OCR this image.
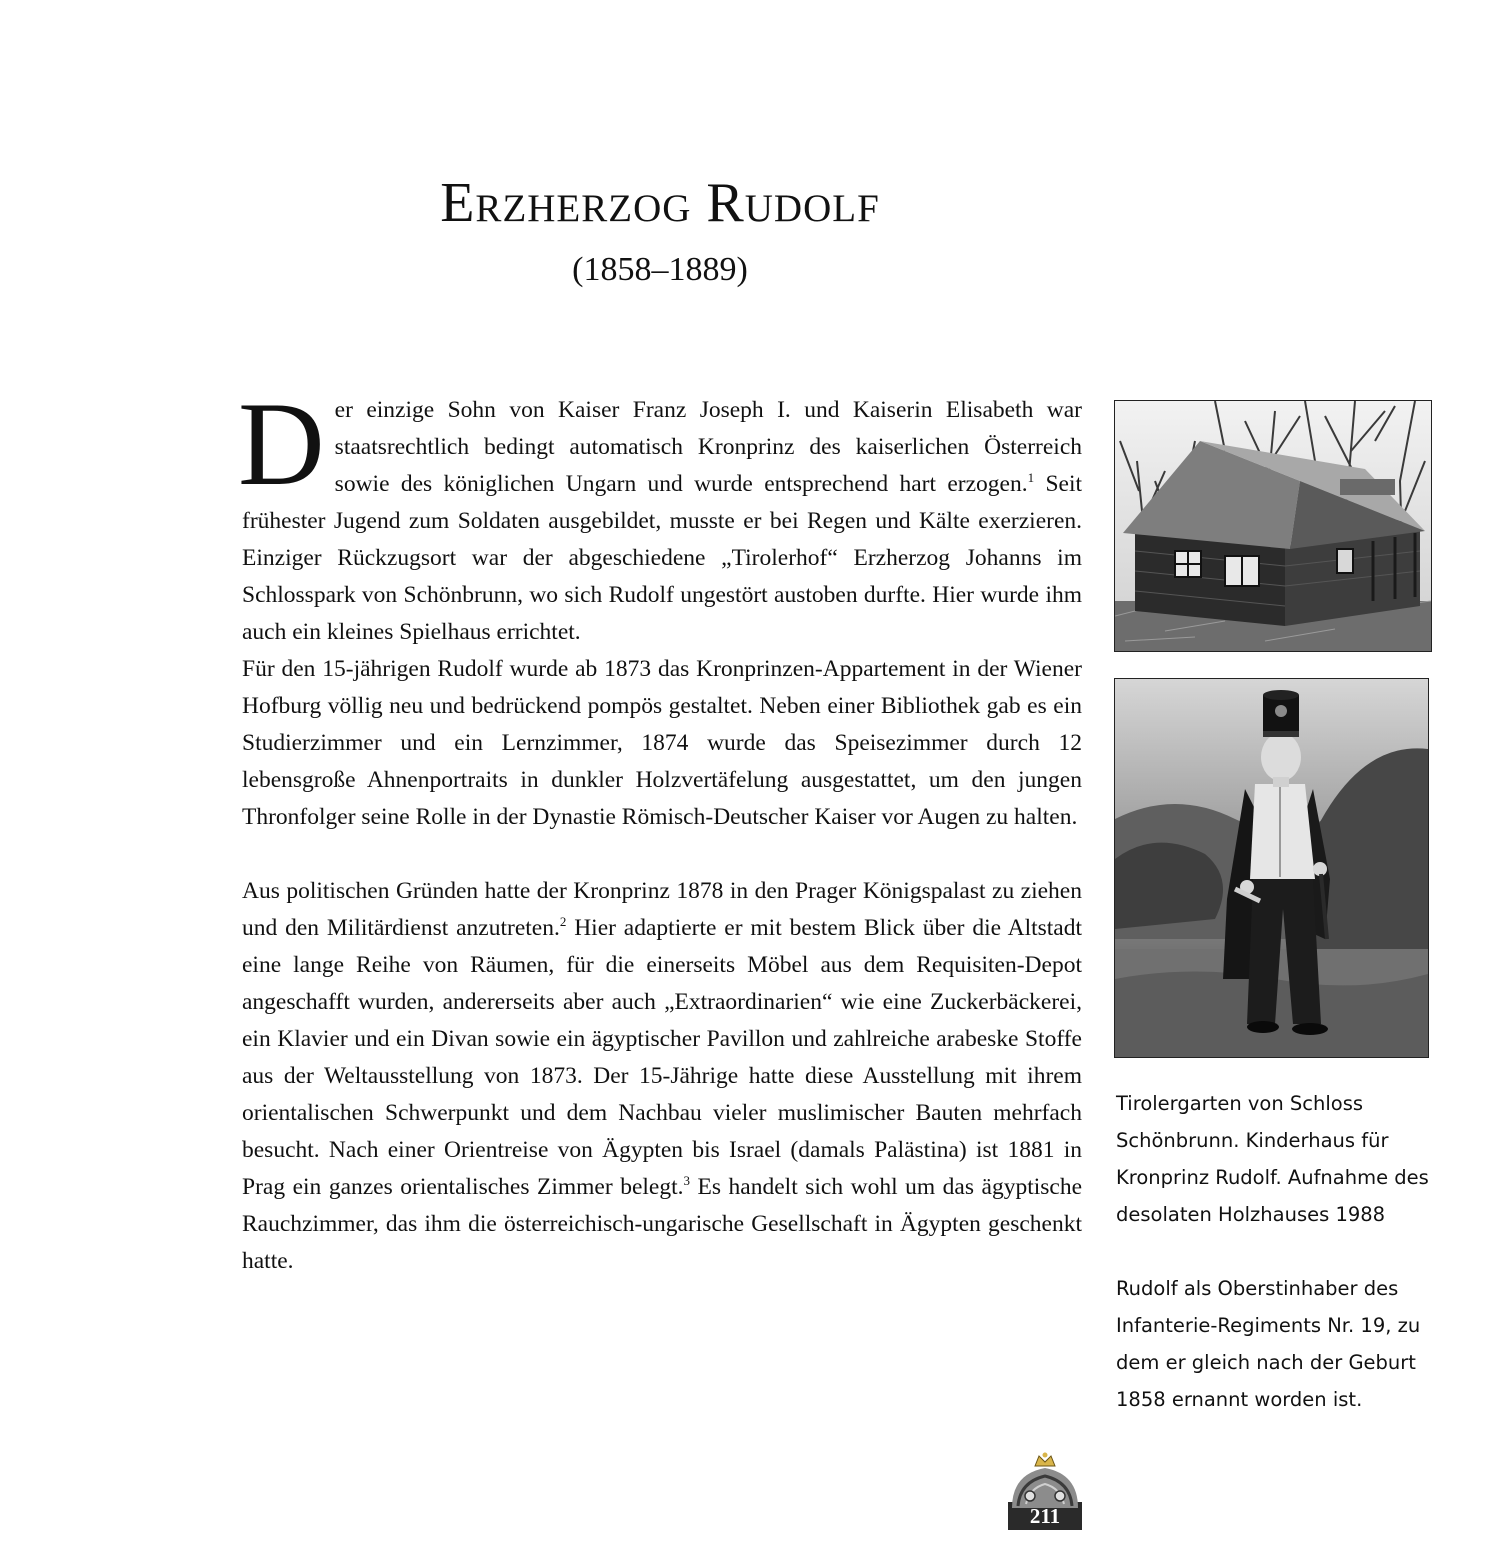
Erzherzog Rudolf
(1858–1889)

Der einzige Sohn von Kaiser Franz Joseph I. und Kaiserin Elisabeth war staatsrechtlich bedingt automatisch Kronprinz des kaiserlichen Österreich sowie des königlichen Ungarn und wurde entsprechend hart erzogen.$^1$ Seit frühester Jugend zum Soldaten ausgebildet, musste er bei Regen und Kälte exerzieren. Einziger Rückzugsort war der abgeschiedene „Tirolerhof“ Erzherzog Johanns im Schlosspark von Schönbrunn, wo sich Rudolf ungestört austoben durfte. Hier wurde ihm auch ein kleines Spielhaus errichtet.

Für den 15-jährigen Rudolf wurde ab 1873 das Kronprinzen-Appartement in der Wiener Hofburg völlig neu und bedrückend pompös gestaltet. Neben einer Bibliothek gab es ein Studierzimmer und ein Lernzimmer, 1874 wurde das Speisezimmer durch 12 lebensgroße Ahnenportraits in dunkler Holzvertäfelung ausgestattet, um den jungen Thronfolger seine Rolle in der Dynastie Römisch-Deutscher Kaiser vor Augen zu halten.

Aus politischen Gründen hatte der Kronprinz 1878 in den Prager Königspalast zu ziehen und den Militärdienst anzutreten.$^2$ Hier adaptierte er mit bestem Blick über die Altstadt eine lange Reihe von Räumen, für die einerseits Möbel aus dem Requisiten-Depot angeschafft wurden, andererseits aber auch „Extraordinarien“ wie eine Zuckerbäckerei, ein Klavier und ein Divan sowie ein ägyptischer Pavillon und zahlreiche arabeske Stoffe aus der Weltausstellung von 1873. Der 15-Jährige hatte diese Ausstellung mit ihrem orientalischen Schwerpunkt und dem Nachbau vieler muslimischer Bauten mehrfach besucht. Nach einer Orientreise von Ägypten bis Israel (damals Palästina) ist 1881 in Prag ein ganzes orientalisches Zimmer belegt.$^3$ Es handelt sich wohl um das ägyptische Rauchzimmer, das ihm die österreichisch-ungarische Gesellschaft in Ägypten geschenkt hatte.

Tirolergarten von Schloss Schönbrunn. Kinderhaus für Kronprinz Rudolf. Aufnahme des desolaten Holzhauses 1988
Rudolf als Oberstinhaber des Infanterie-Regiments Nr. 19, zu dem er gleich nach der Geburt 1858 ernannt worden ist.
211
